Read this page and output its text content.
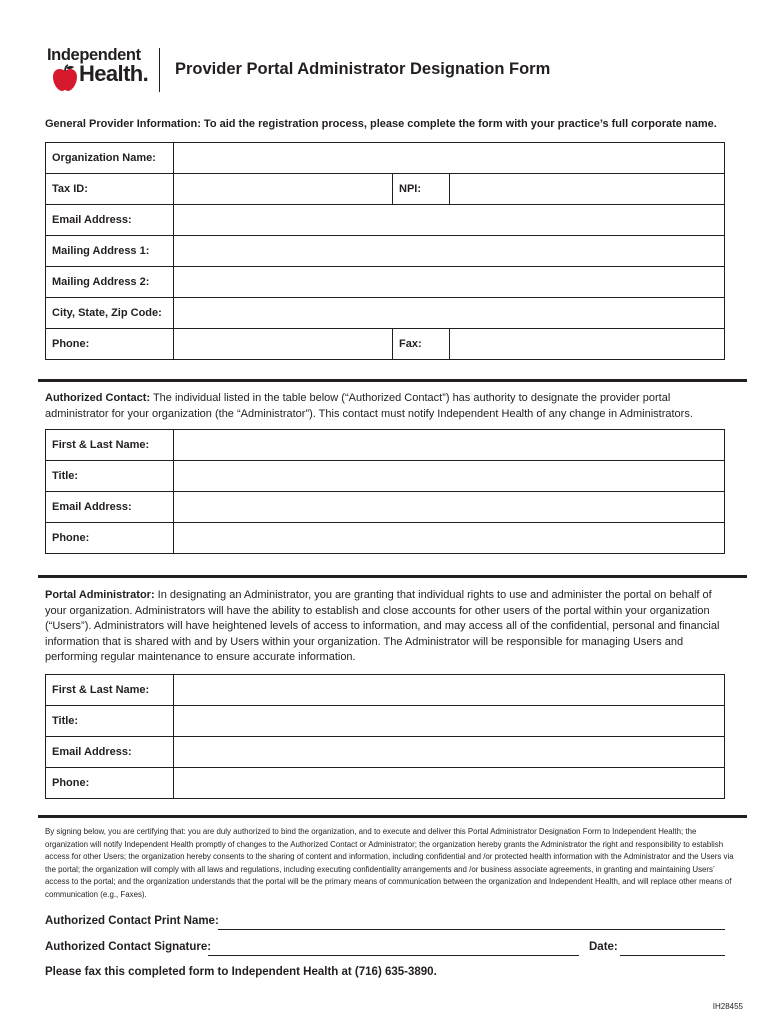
Independent
Health. Provider Portal Administrator Designation Form
General Provider Information: To aid the registration process, please complete the form with your practice’s full corporate name.
Organization Name:			
Tax ID:		NPI:	
Email Address:			
Mailing Address 1:			
Mailing Address 2:			
City, State, Zip Code:			
Phone:		Fax:	
Authorized Contact: The individual listed in the table below (“Authorized Contact”) has authority to designate the provider portal administrator for your organization (the “Administrator”). This contact must notify Independent Health of any change in Administrators.
First & Last Name:	
Title:	
Email Address:	
Phone:	
Portal Administrator: In designating an Administrator, you are granting that individual rights to use and administer the portal on behalf of your organization. Administrators will have the ability to establish and close accounts for other users of the portal within your organization (“Users”). Administrators will have heightened levels of access to information, and may access all of the confidential, personal and financial information that is shared with and by Users within your organization. The Administrator will be responsible for managing Users and performing regular maintenance to ensure accurate information.
First & Last Name:	
Title:	
Email Address:	
Phone:	
By signing below, you are certifying that: you are duly authorized to bind the organization, and to execute and deliver this Portal Administrator Designation Form to Independent Health; the organization will notify Independent Health promptly of changes to the Authorized Contact or Administrator; the organization hereby grants the Administrator the right and responsibility to establish access for other Users; the organization hereby consents to the sharing of content and information, including confidential and /or protected health information with the Administrator and the Users via the portal; the organization will comply with all laws and regulations, including executing confidentiality arrangements and /or business associate agreements, in granting and maintaining Users’ access to the portal; and the organization understands that the portal will be the primary means of communication between the organization and Independent Health, and will replace other means of communication (e.g., Faxes).
Authorized Contact Print Name:
Authorized Contact Signature:	Date:
Please fax this completed form to Independent Health at (716) 635-3890.
IH28455
